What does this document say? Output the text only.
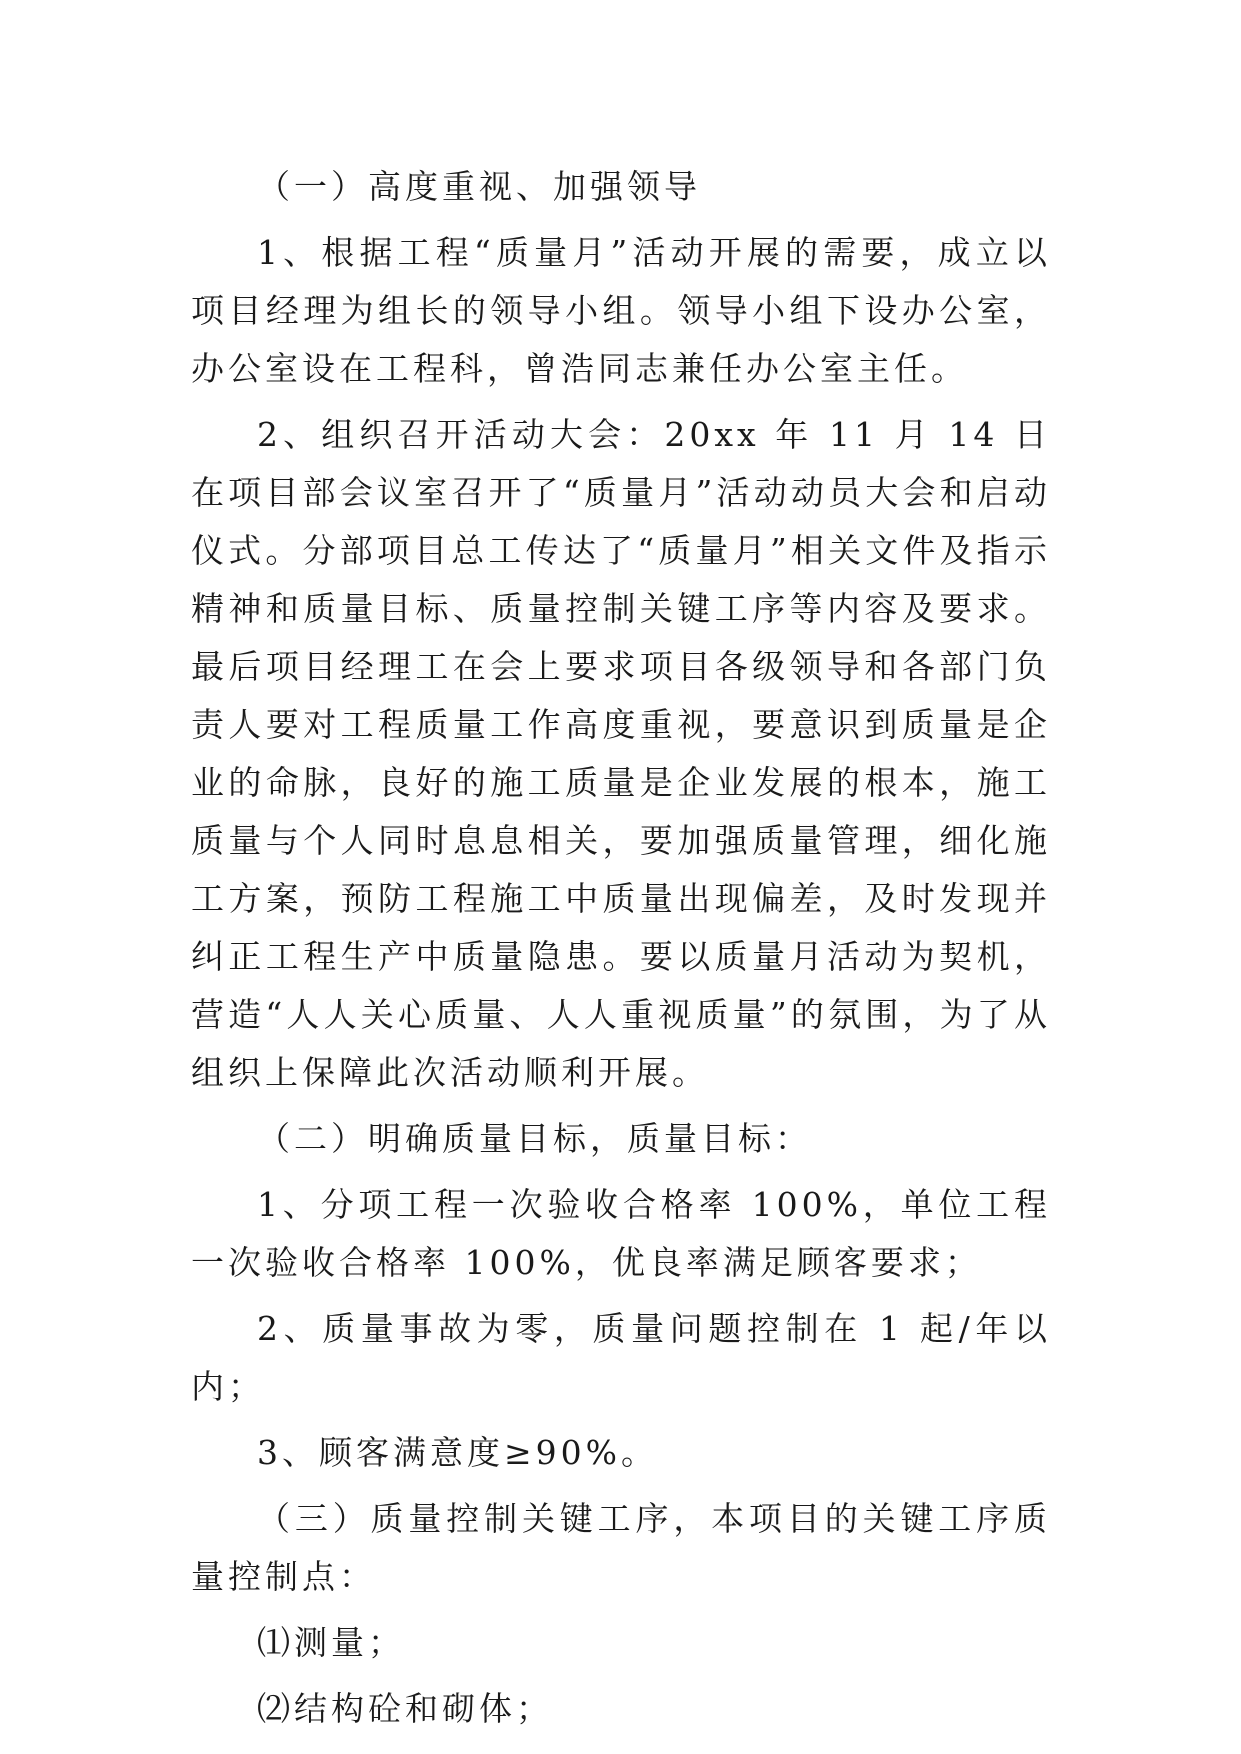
（一）高度重视、加强领导

1、根据工程“质量月”活动开展的需要，成立以项目经理为组长的领导小组。领导小组下设办公室，办公室设在工程科，曾浩同志兼任办公室主任。

2、组织召开活动大会：20xx 年 11 月 14 日在项目部会议室召开了“质量月”活动动员大会和启动仪式。分部项目总工传达了“质量月”相关文件及指示精神和质量目标、质量控制关键工序等内容及要求。最后项目经理工在会上要求项目各级领导和各部门负责人要对工程质量工作高度重视，要意识到质量是企业的命脉，良好的施工质量是企业发展的根本，施工质量与个人同时息息相关，要加强质量管理，细化施工方案，预防工程施工中质量出现偏差，及时发现并纠正工程生产中质量隐患。要以质量月活动为契机，营造“人人关心质量、人人重视质量”的氛围，为了从组织上保障此次活动顺利开展。

（二）明确质量目标，质量目标：

1、分项工程一次验收合格率 100%，单位工程一次验收合格率 100%，优良率满足顾客要求；

2、质量事故为零，质量问题控制在 1 起/年以内；

3、顾客满意度≥90%。

（三）质量控制关键工序，本项目的关键工序质量控制点：

⑴测量；

⑵结构砼和砌体；
